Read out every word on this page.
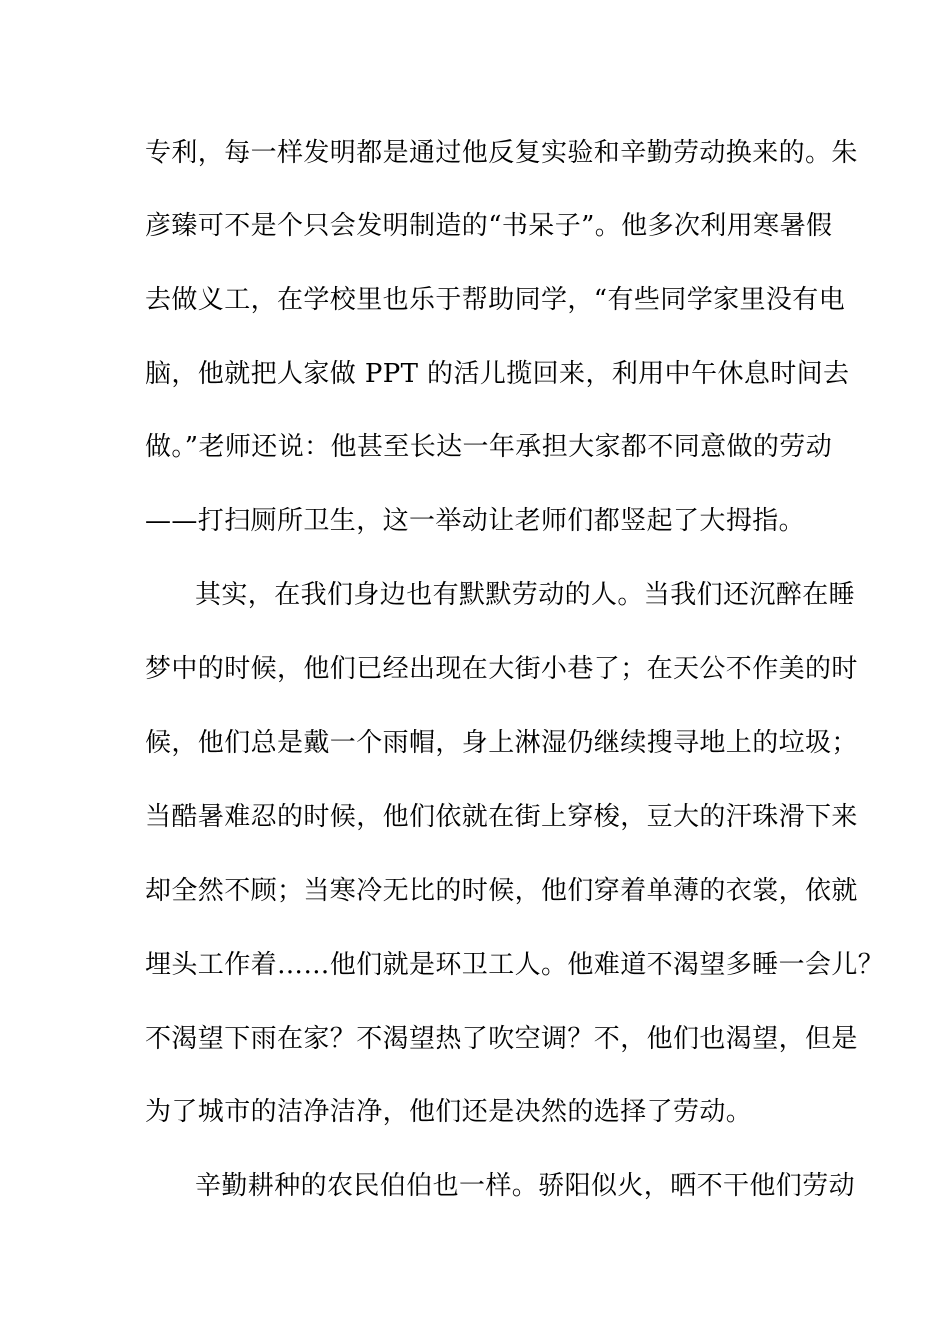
专利，每一样发明都是通过他反复实验和辛勤劳动换来的。朱
彦臻可不是个只会发明制造的“书呆子”。他多次利用寒暑假
去做义工，在学校里也乐于帮助同学，“有些同学家里没有电
脑，他就把人家做 PPT 的活儿揽回来，利用中午休息时间去
做。”老师还说：他甚至长达一年承担大家都不同意做的劳动
——打扫厕所卫生，这一举动让老师们都竖起了大拇指。
其实，在我们身边也有默默劳动的人。当我们还沉醉在睡
梦中的时候，他们已经出现在大街小巷了；在天公不作美的时
候，他们总是戴一个雨帽，身上淋湿仍继续搜寻地上的垃圾；
当酷暑难忍的时候，他们依就在街上穿梭，豆大的汗珠滑下来
却全然不顾；当寒冷无比的时候，他们穿着单薄的衣裳，依就
埋头工作着……他们就是环卫工人。他难道不渴望多睡一会儿？
不渴望下雨在家？不渴望热了吹空调？不，他们也渴望，但是
为了城市的洁净洁净，他们还是决然的选择了劳动。
辛勤耕种的农民伯伯也一样。骄阳似火，晒不干他们劳动
